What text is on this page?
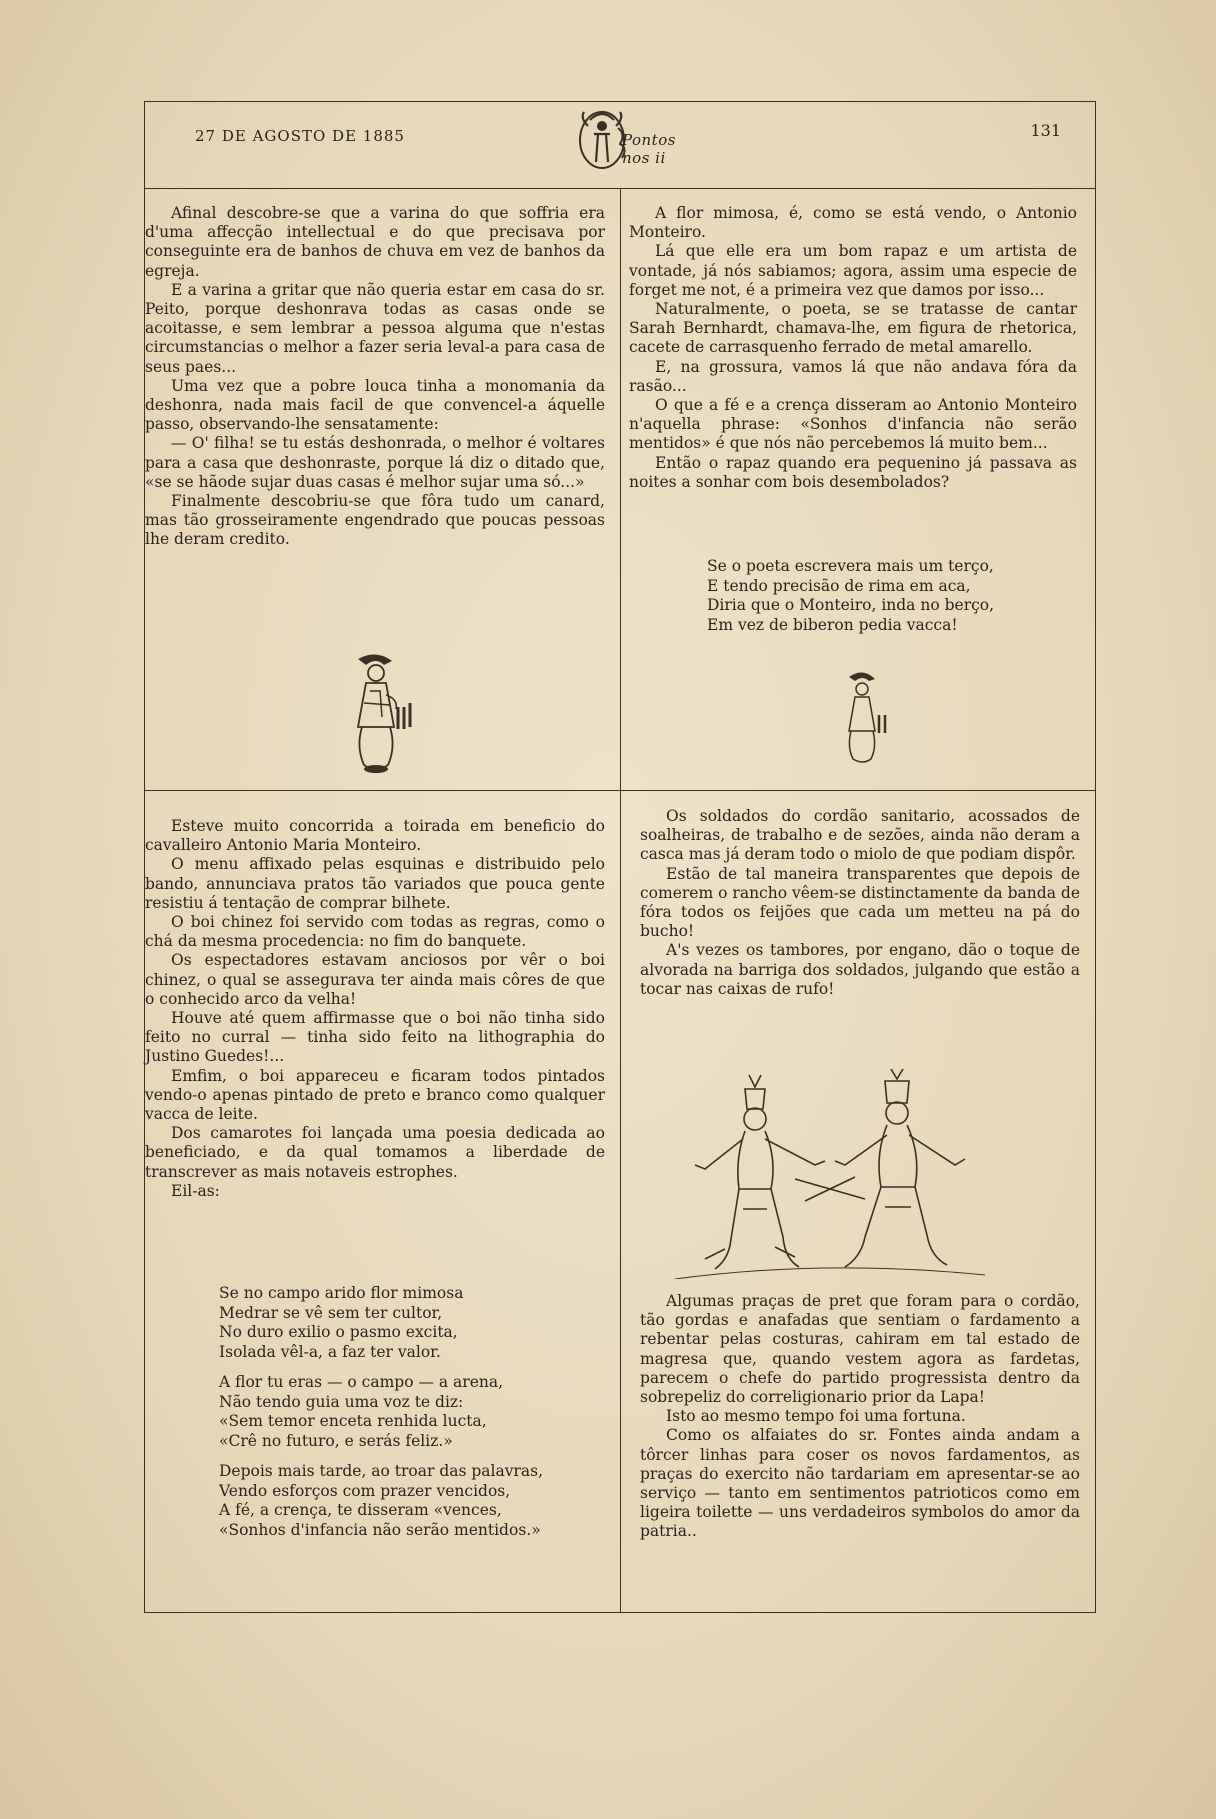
27 DE AGOSTO DE 1885	Pontos nos ii
131

Afinal descobre-se que a varina do que soffria era d'uma affecção intellectual e do que precisava por conseguinte era de banhos de chuva em vez de banhos da egreja.

E a varina a gritar que não queria estar em casa do sr. Peito, porque deshonrava todas as casas onde se acoitasse, e sem lembrar a pessoa alguma que n'estas circumstancias o melhor a fazer seria leval-a para casa de seus paes...

Uma vez que a pobre louca tinha a monomania da deshonra, nada mais facil de que convencel-a áquelle passo, observando-lhe sensatamente:

— O' filha! se tu estás deshonrada, o melhor é voltares para a casa que deshonraste, porque lá diz o ditado que, «se se hãode sujar duas casas é melhor sujar uma só...»

Finalmente descobriu-se que fôra tudo um canard, mas tão grosseiramente engendrado que poucas pessoas lhe deram credito.

A flor mimosa, é, como se está vendo, o Antonio Monteiro.

Lá que elle era um bom rapaz e um artista de vontade, já nós sabiamos; agora, assim uma especie de forget me not, é a primeira vez que damos por isso...

Naturalmente, o poeta, se se tratasse de cantar Sarah Bernhardt, chamava-lhe, em figura de rhetorica, cacete de carrasquenho ferrado de metal amarello.

E, na grossura, vamos lá que não andava fóra da rasão...

O que a fé e a crença disseram ao Antonio Monteiro n'aquella phrase: «Sonhos d'infancia não serão mentidos» é que nós não percebemos lá muito bem...

Então o rapaz quando era pequenino já passava as noites a sonhar com bois desembolados?

Se o poeta escrevera mais um terço,
E tendo precisão de rima em aca,
Diria que o Monteiro, inda no berço,
Em vez de biberon pedia vacca!

Esteve muito concorrida a toirada em beneficio do cavalleiro Antonio Maria Monteiro.

O menu affixado pelas esquinas e distribuido pelo bando, annunciava pratos tão variados que pouca gente resistiu á tentação de comprar bilhete.

O boi chinez foi servido com todas as regras, como o chá da mesma procedencia: no fim do banquete.

Os espectadores estavam anciosos por vêr o boi chinez, o qual se assegurava ter ainda mais côres de que o conhecido arco da velha!

Houve até quem affirmasse que o boi não tinha sido feito no curral — tinha sido feito na lithographia do Justino Guedes!...

Emfim, o boi appareceu e ficaram todos pintados vendo-o apenas pintado de preto e branco como qualquer vacca de leite.

Dos camarotes foi lançada uma poesia dedicada ao beneficiado, e da qual tomamos a liberdade de transcrever as mais notaveis estrophes.

Eil-as:

Se no campo arido flor mimosa
Medrar se vê sem ter cultor,
No duro exilio o pasmo excita,
Isolada vêl-a, a faz ter valor.
A flor tu eras — o campo — a arena,
Não tendo guia uma voz te diz:
«Sem temor enceta renhida lucta,
«Crê no futuro, e serás feliz.»
Depois mais tarde, ao troar das palavras,
Vendo esforços com prazer vencidos,
A fé, a crença, te disseram «vences,
«Sonhos d'infancia não serão mentidos.»

Os soldados do cordão sanitario, acossados de soalheiras, de trabalho e de sezões, ainda não deram a casca mas já deram todo o miolo de que podiam dispôr.

Estão de tal maneira transparentes que depois de comerem o rancho vêem-se distinctamente da banda de fóra todos os feijões que cada um metteu na pá do bucho!

A's vezes os tambores, por engano, dão o toque de alvorada na barriga dos soldados, julgando que estão a tocar nas caixas de rufo!

Algumas praças de pret que foram para o cordão, tão gordas e anafadas que sentiam o fardamento a rebentar pelas costuras, cahiram em tal estado de magresa que, quando vestem agora as fardetas, parecem o chefe do partido progressista dentro da sobrepeliz do correligionario prior da Lapa!

Isto ao mesmo tempo foi uma fortuna.

Como os alfaiates do sr. Fontes ainda andam a tôrcer linhas para coser os novos fardamentos, as praças do exercito não tardariam em apresentar-se ao serviço — tanto em sentimentos patrioticos como em ligeira toilette — uns verdadeiros symbolos do amor da patria..
